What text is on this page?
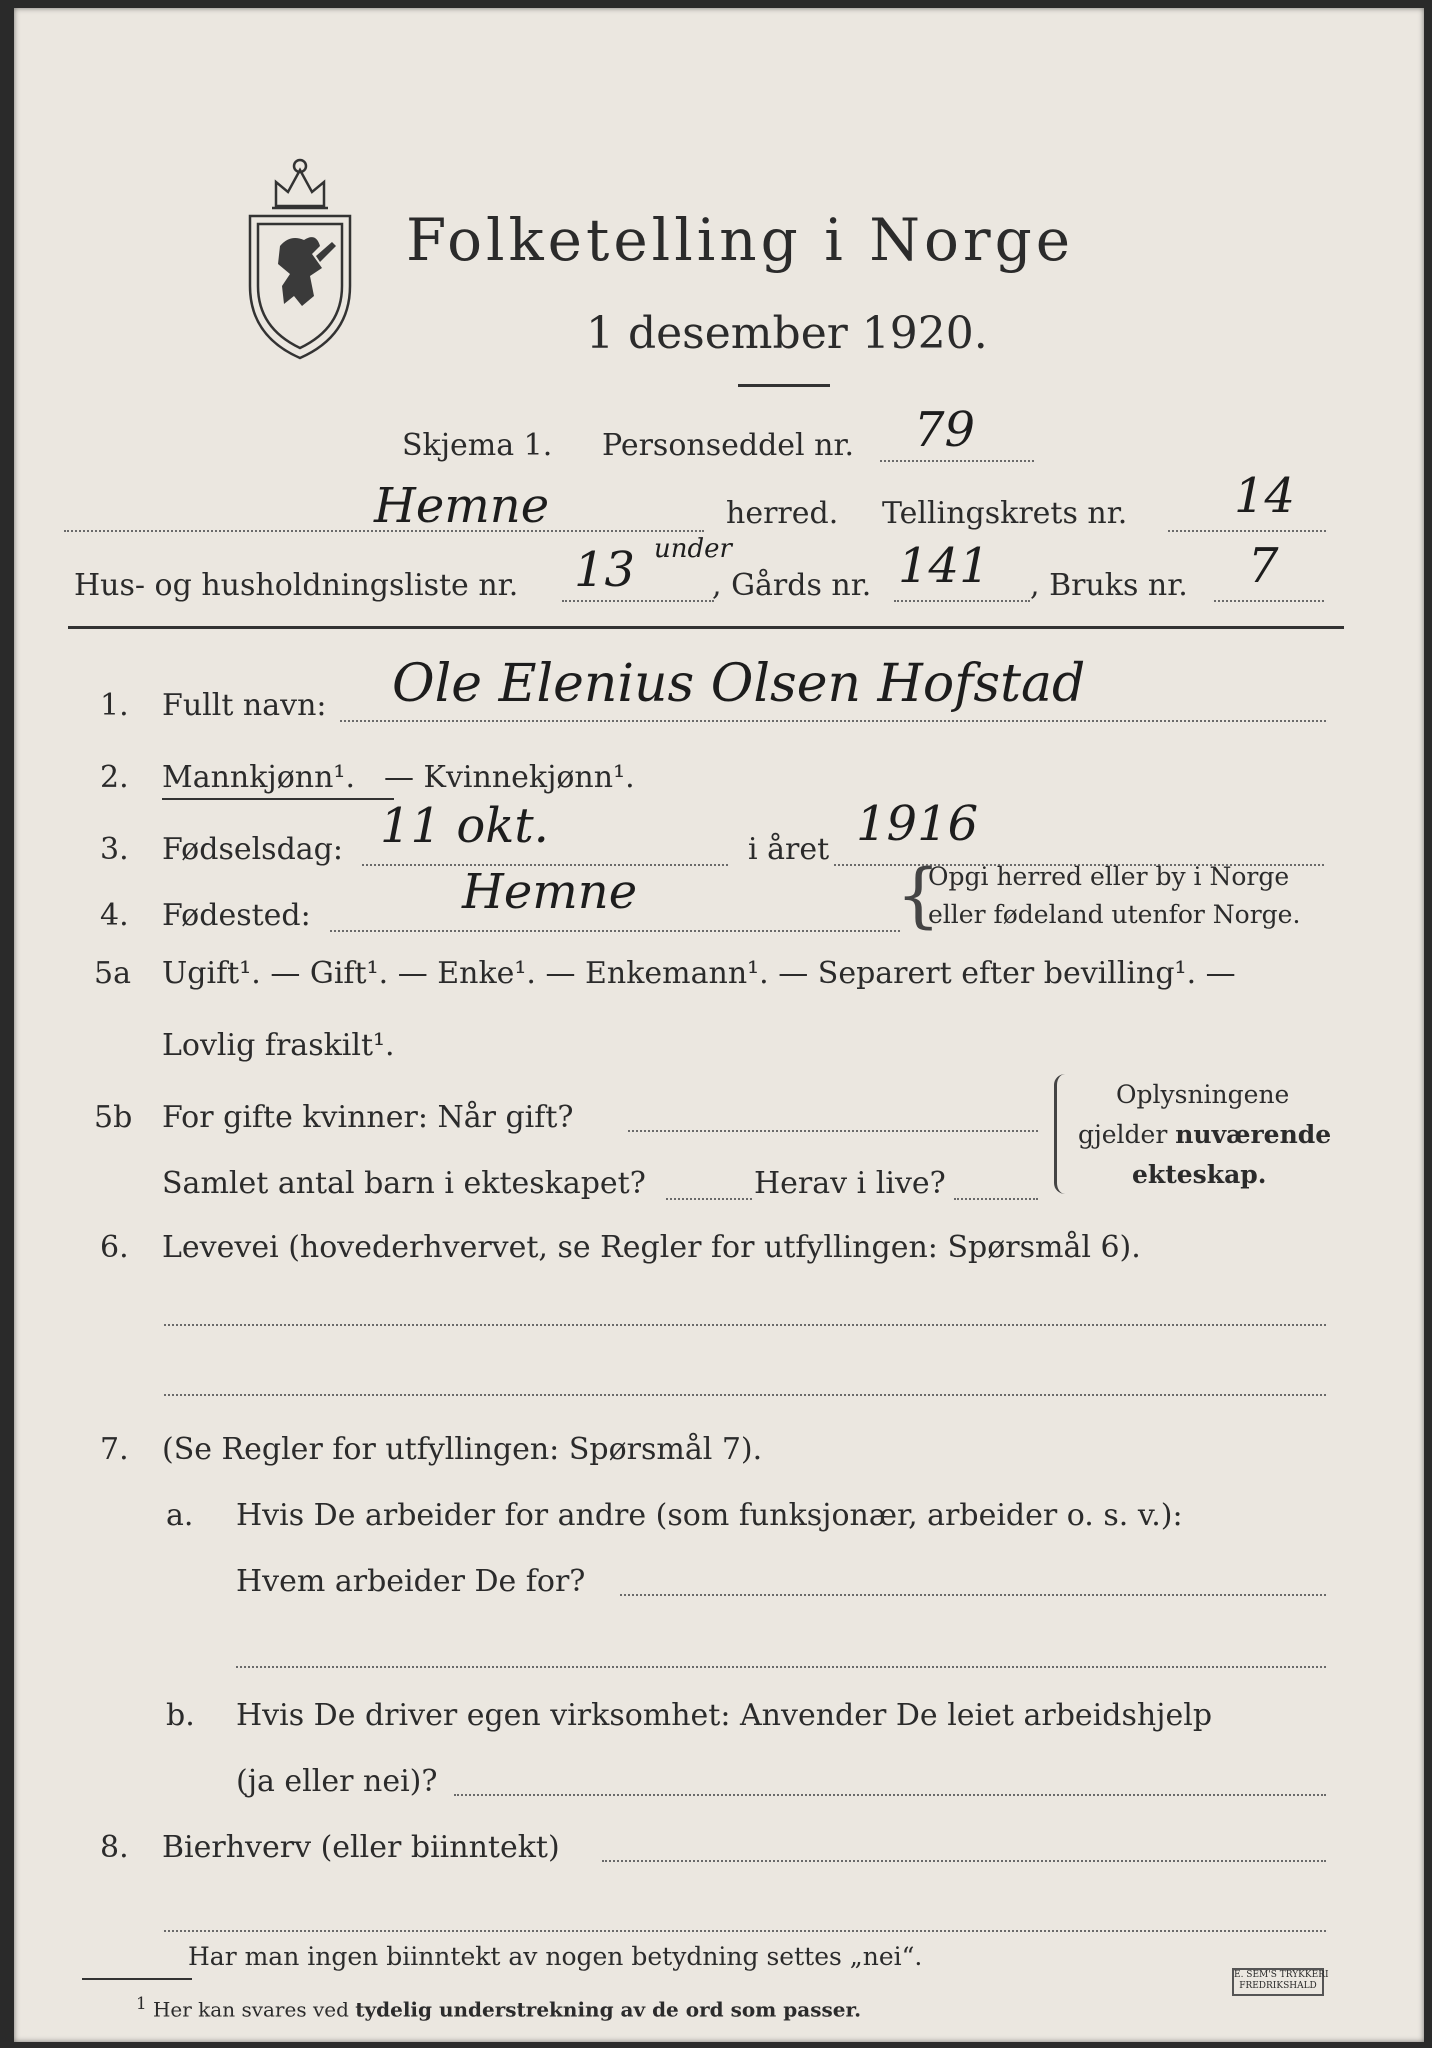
Folketelling i Norge
1 desember 1920.
Skjema 1. Personseddel nr. 79
Hemne	herred. Tellingskrets nr. 14
Hus- og husholdningsliste nr. 13 under
, Gårds nr. 141 , Bruks nr. 7
1. Fullt navn: Ole Elenius Olsen Hofstad
2. Mannkjønn¹. — Kvinnekjønn¹.
3. Fødselsdag: 11 okt.	i året 1916
4. Fødested:	Hemne	{
Opgi herred eller by i Norge
eller fødeland utenfor Norge.
5a Ugift¹. — Gift¹. — Enke¹. — Enkemann¹. — Separert efter bevilling¹. —
Lovlig fraskilt¹.
5b For gifte kvinner: Når gift?
Samlet antal barn i ekteskapet?	Herav i live?
Oplysningene
gjelder nuværende
ekteskap.
6. Levevei (hovederhvervet, se Regler for utfyllingen: Spørsmål 6).
7. (Se Regler for utfyllingen: Spørsmål 7).
a. Hvis De arbeider for andre (som funksjonær, arbeider o. s. v.):
Hvem arbeider De for?
b. Hvis De driver egen virksomhet: Anvender De leiet arbeidshjelp
(ja eller nei)?
8. Bierhverv (eller biinntekt)
Har man ingen biinntekt av nogen betydning settes „nei“.
$^1$ Her kan svares ved tydelig understrekning av de ord som passer.
E. SEM'S TRYKKERI
FREDRIKSHALD
